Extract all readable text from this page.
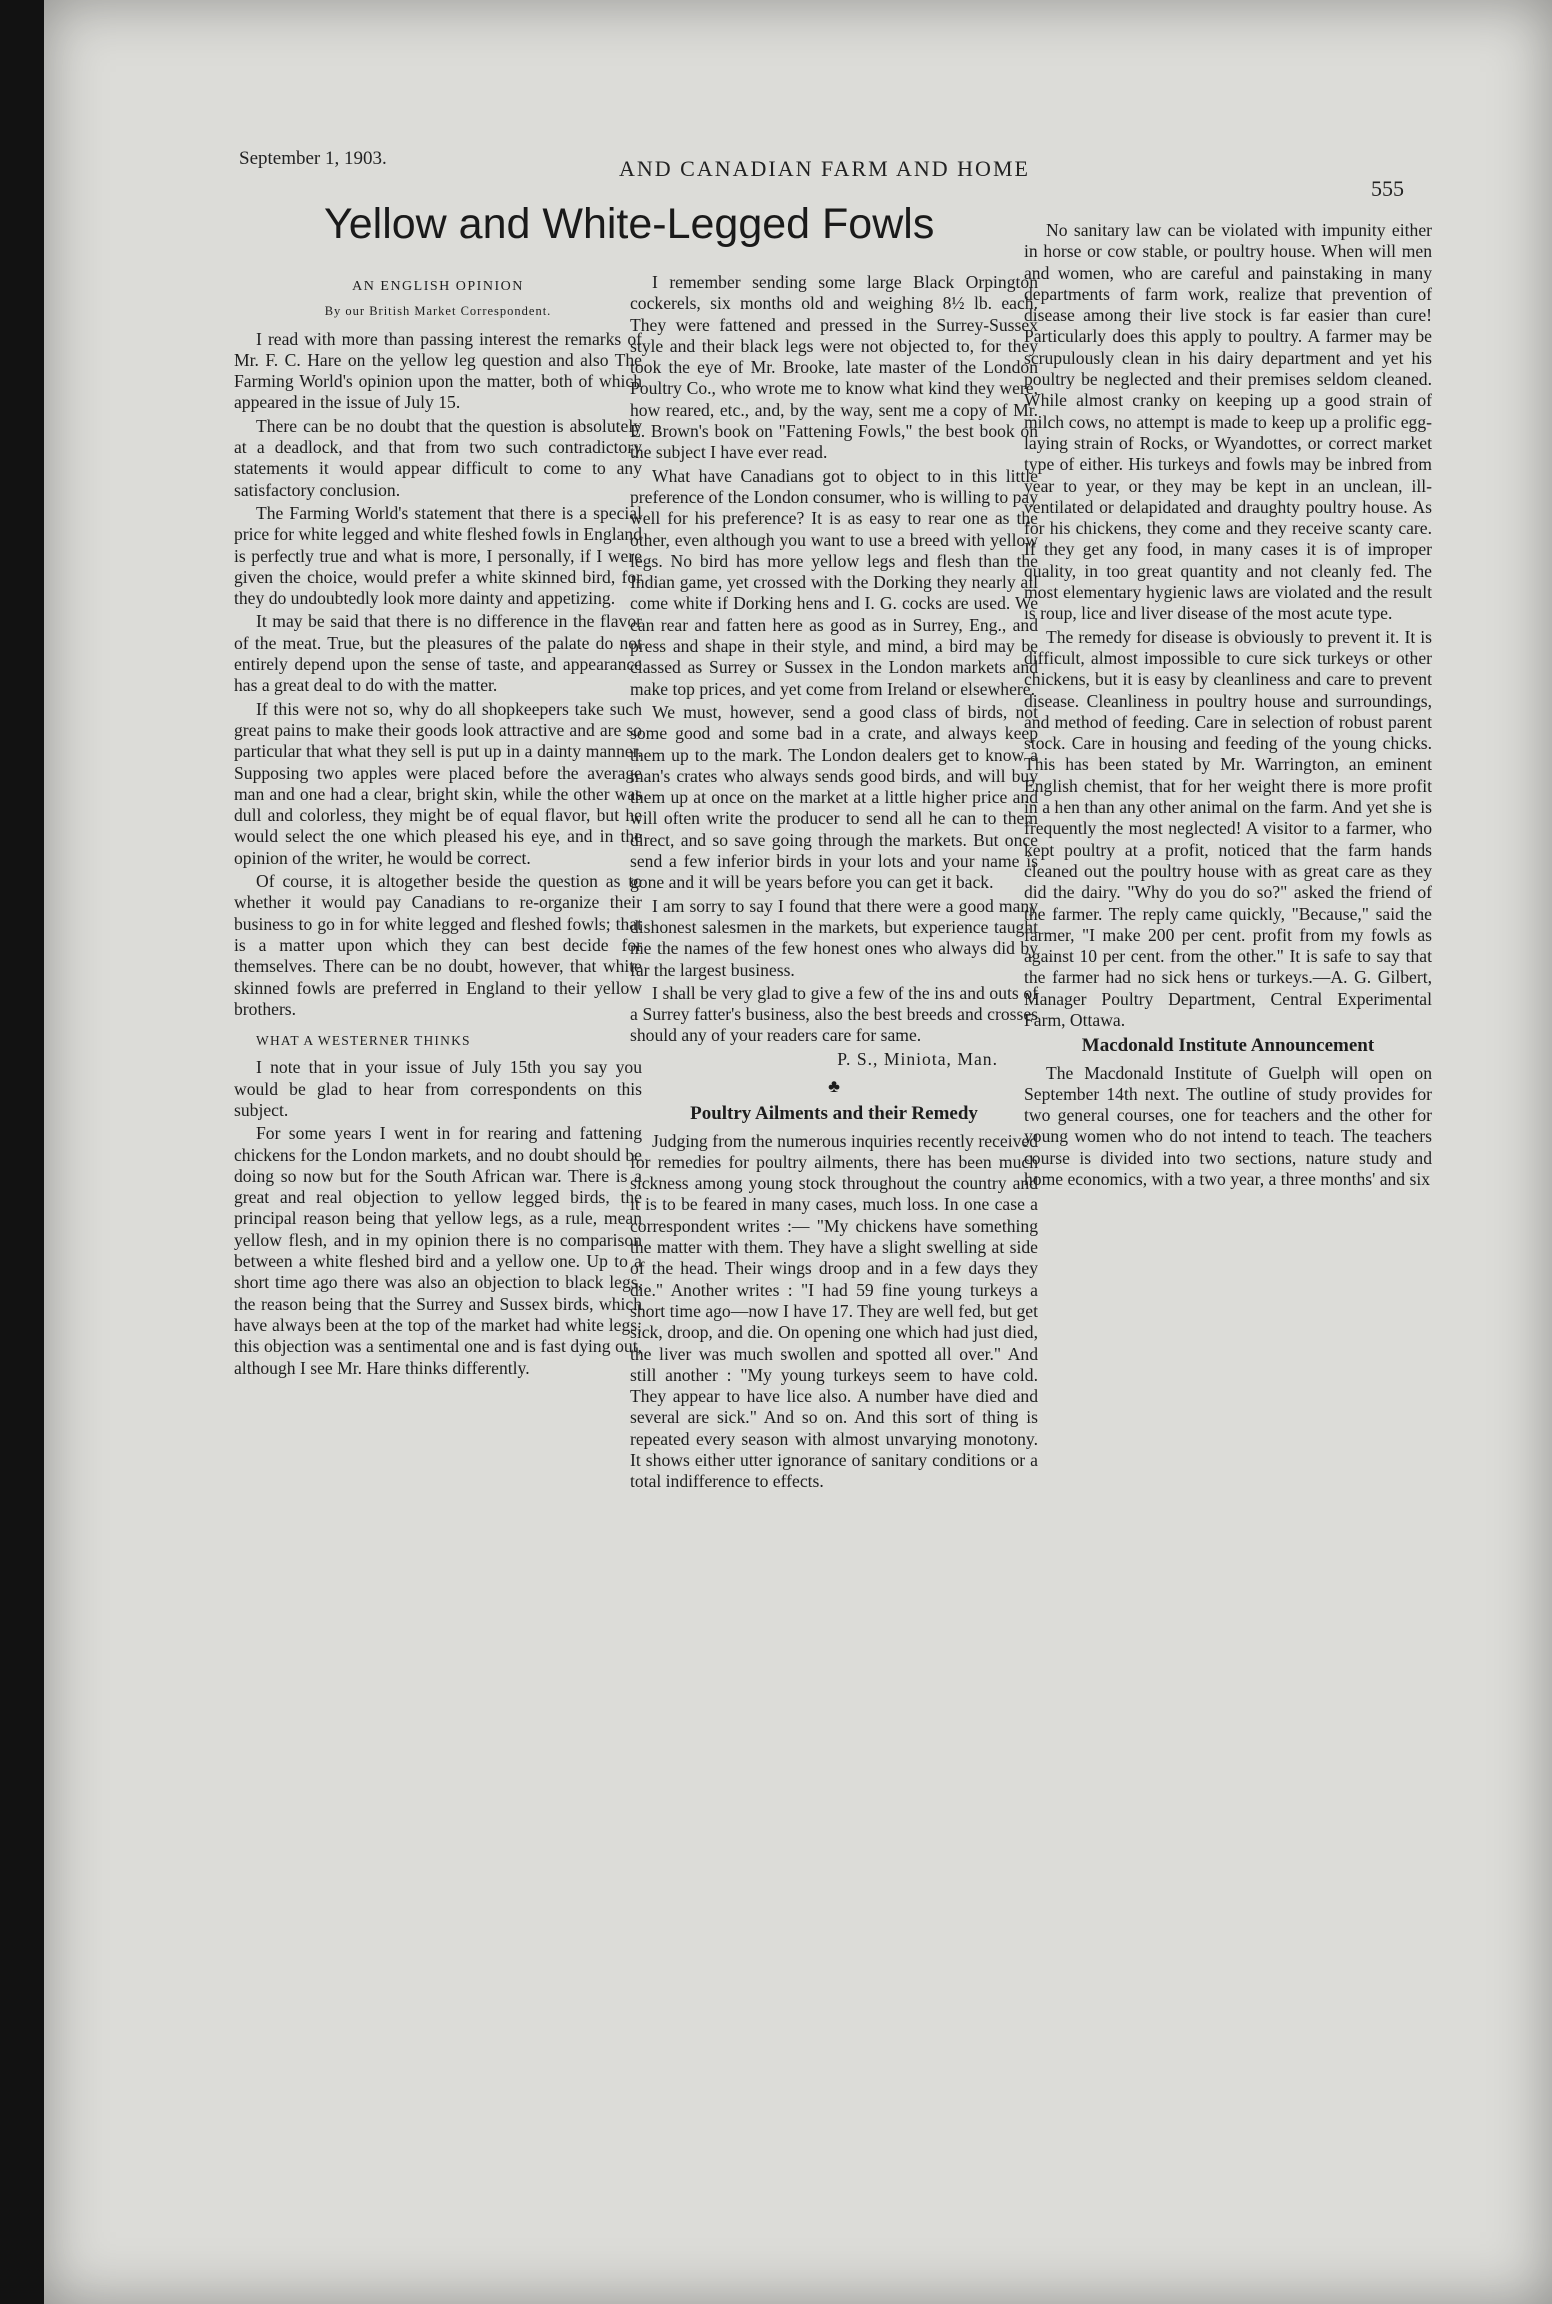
September 1, 1903.	AND CANADIAN FARM AND HOME
555
Yellow and White-Legged Fowls
AN ENGLISH OPINION
By our British Market Correspondent.

I read with more than passing interest the remarks of Mr. F. C. Hare on the yellow leg question and also The Farming World's opinion upon the matter, both of which appeared in the issue of July 15.

There can be no doubt that the question is absolutely at a deadlock, and that from two such contradictory statements it would appear difficult to come to any satisfactory conclusion.

The Farming World's statement that there is a special price for white legged and white fleshed fowls in England is perfectly true and what is more, I personally, if I were given the choice, would prefer a white skinned bird, for they do undoubtedly look more dainty and appetizing.

It may be said that there is no difference in the flavor of the meat. True, but the pleasures of the palate do not entirely depend upon the sense of taste, and appearance has a great deal to do with the matter.

If this were not so, why do all shopkeepers take such great pains to make their goods look attractive and are so particular that what they sell is put up in a dainty manner. Supposing two apples were placed before the average man and one had a clear, bright skin, while the other was dull and colorless, they might be of equal flavor, but he would select the one which pleased his eye, and in the opinion of the writer, he would be correct.

Of course, it is altogether beside the question as to whether it would pay Canadians to re-organize their business to go in for white legged and fleshed fowls; that is a matter upon which they can best decide for themselves. There can be no doubt, however, that white skinned fowls are preferred in England to their yellow brothers.

WHAT A WESTERNER THINKS

I note that in your issue of July 15th you say you would be glad to hear from correspondents on this subject.

For some years I went in for rearing and fattening chickens for the London markets, and no doubt should be doing so now but for the South African war. There is a great and real objection to yellow legged birds, the principal reason being that yellow legs, as a rule, mean yellow flesh, and in my opinion there is no comparison between a white fleshed bird and a yellow one. Up to a short time ago there was also an objection to black legs, the reason being that the Surrey and Sussex birds, which have always been at the top of the market had white legs; this objection was a sentimental one and is fast dying out, although I see Mr. Hare thinks differently.

I remember sending some large Black Orpington cockerels, six months old and weighing 8½ lb. each. They were fattened and pressed in the Surrey-Sussex style and their black legs were not objected to, for they took the eye of Mr. Brooke, late master of the London Poultry Co., who wrote me to know what kind they were, how reared, etc., and, by the way, sent me a copy of Mr. E. Brown's book on "Fattening Fowls," the best book on the subject I have ever read.

What have Canadians got to object to in this little preference of the London consumer, who is willing to pay well for his preference? It is as easy to rear one as the other, even although you want to use a breed with yellow legs. No bird has more yellow legs and flesh than the Indian game, yet crossed with the Dorking they nearly all come white if Dorking hens and I. G. cocks are used. We can rear and fatten here as good as in Surrey, Eng., and press and shape in their style, and mind, a bird may be classed as Surrey or Sussex in the London markets and make top prices, and yet come from Ireland or elsewhere.

We must, however, send a good class of birds, not some good and some bad in a crate, and always keep them up to the mark. The London dealers get to know a man's crates who always sends good birds, and will buy them up at once on the market at a little higher price and will often write the producer to send all he can to them direct, and so save going through the markets. But once send a few inferior birds in your lots and your name is gone and it will be years before you can get it back.

I am sorry to say I found that there were a good many dishonest salesmen in the markets, but experience taught me the names of the few honest ones who always did by far the largest business.

I shall be very glad to give a few of the ins and outs of a Surrey fatter's business, also the best breeds and crosses should any of your readers care for same.

P. S., Miniota, Man.
♣
Poultry Ailments and their Remedy

Judging from the numerous inquiries recently received for remedies for poultry ailments, there has been much sickness among young stock throughout the country and it is to be feared in many cases, much loss. In one case a correspondent writes :— "My chickens have something the matter with them. They have a slight swelling at side of the head. Their wings droop and in a few days they die." Another writes : "I had 59 fine young turkeys a short time ago—now I have 17. They are well fed, but get sick, droop, and die. On opening one which had just died, the liver was much swollen and spotted all over." And still another : "My young turkeys seem to have cold. They appear to have lice also. A number have died and several are sick." And so on. And this sort of thing is repeated every season with almost unvarying monotony. It shows either utter ignorance of sanitary conditions or a total indifference to effects.

No sanitary law can be violated with impunity either in horse or cow stable, or poultry house. When will men and women, who are careful and painstaking in many departments of farm work, realize that prevention of disease among their live stock is far easier than cure! Particularly does this apply to poultry. A farmer may be scrupulously clean in his dairy department and yet his poultry be neglected and their premises seldom cleaned. While almost cranky on keeping up a good strain of milch cows, no attempt is made to keep up a prolific egg-laying strain of Rocks, or Wyandottes, or correct market type of either. His turkeys and fowls may be inbred from year to year, or they may be kept in an unclean, ill-ventilated or delapidated and draughty poultry house. As for his chickens, they come and they receive scanty care. If they get any food, in many cases it is of improper quality, in too great quantity and not cleanly fed. The most elementary hygienic laws are violated and the result is roup, lice and liver disease of the most acute type.

The remedy for disease is obviously to prevent it. It is difficult, almost impossible to cure sick turkeys or other chickens, but it is easy by cleanliness and care to prevent disease. Cleanliness in poultry house and surroundings, and method of feeding. Care in selection of robust parent stock. Care in housing and feeding of the young chicks. This has been stated by Mr. Warrington, an eminent English chemist, that for her weight there is more profit in a hen than any other animal on the farm. And yet she is frequently the most neglected! A visitor to a farmer, who kept poultry at a profit, noticed that the farm hands cleaned out the poultry house with as great care as they did the dairy. "Why do you do so?" asked the friend of the farmer. The reply came quickly, "Because," said the farmer, "I make 200 per cent. profit from my fowls as against 10 per cent. from the other." It is safe to say that the farmer had no sick hens or turkeys.—A. G. Gilbert, Manager Poultry Department, Central Experimental Farm, Ottawa.

Macdonald Institute Announcement

The Macdonald Institute of Guelph will open on September 14th next. The outline of study provides for two general courses, one for teachers and the other for young women who do not intend to teach. The teachers course is divided into two sections, nature study and home economics, with a two year, a three months' and six
